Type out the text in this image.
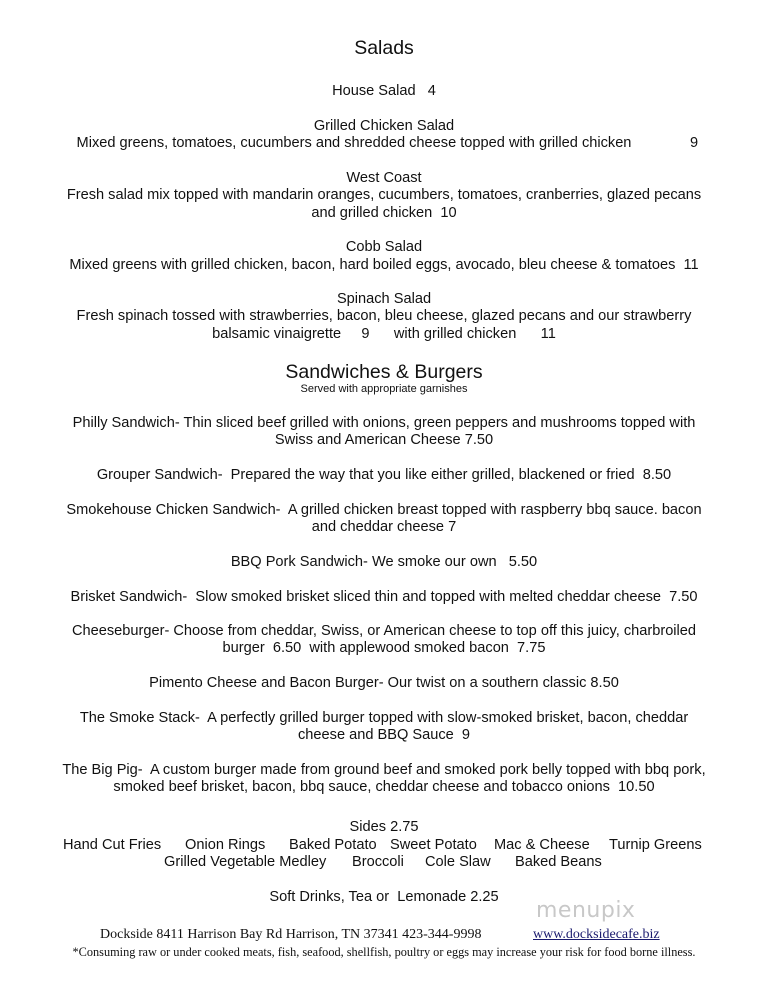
Salads
House Salad   4
Grilled Chicken Salad
Mixed greens, tomatoes, cucumbers and shredded cheese topped with grilled chicken	9
West Coast
Fresh salad mix topped with mandarin oranges, cucumbers, tomatoes, cranberries, glazed pecans
and grilled chicken  10
Cobb Salad
Mixed greens with grilled chicken, bacon, hard boiled eggs, avocado, bleu cheese & tomatoes  11
Spinach Salad
Fresh spinach tossed with strawberries, bacon, bleu cheese, glazed pecans and our strawberry
balsamic vinaigrette     9      with grilled chicken      11
Sandwiches & Burgers
Served with appropriate garnishes
Philly Sandwich- Thin sliced beef grilled with onions, green peppers and mushrooms topped with
Swiss and American Cheese 7.50
Grouper Sandwich-  Prepared the way that you like either grilled, blackened or fried  8.50
Smokehouse Chicken Sandwich-  A grilled chicken breast topped with raspberry bbq sauce. bacon
and cheddar cheese 7
BBQ Pork Sandwich- We smoke our own   5.50
Brisket Sandwich-  Slow smoked brisket sliced thin and topped with melted cheddar cheese  7.50
Cheeseburger- Choose from cheddar, Swiss, or American cheese to top off this juicy, charbroiled
burger  6.50  with applewood smoked bacon  7.75
Pimento Cheese and Bacon Burger- Our twist on a southern classic 8.50
The Smoke Stack-  A perfectly grilled burger topped with slow-smoked brisket, bacon, cheddar
cheese and BBQ Sauce  9
The Big Pig-  A custom burger made from ground beef and smoked pork belly topped with bbq pork,
smoked beef brisket, bacon, bbq sauce, cheddar cheese and tobacco onions  10.50
Sides 2.75
Hand Cut Fries Onion Rings Baked Potato Sweet Potato Mac & Cheese Turnip Greens
Grilled Vegetable Medley Broccoli Cole Slaw Baked Beans
Soft Drinks, Tea or  Lemonade 2.25
menupix
Dockside 8411 Harrison Bay Rd Harrison, TN 37341 423-344-9998	www.docksidecafe.biz
*Consuming raw or under cooked meats, fish, seafood, shellfish, poultry or eggs may increase your risk for food borne illness.
